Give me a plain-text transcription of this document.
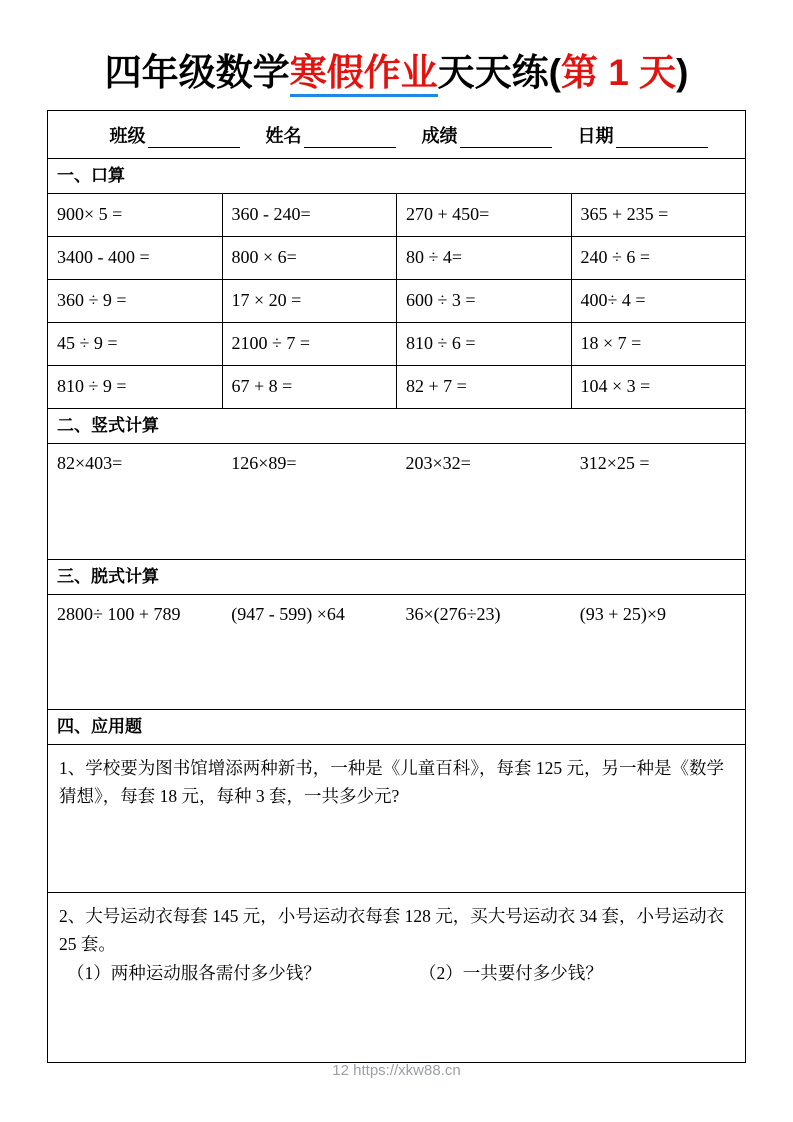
四年级数学寒假作业天天练(第 1 天)
班级	姓名	成绩	日期
一、口算
900× 5 =	360 - 240=	270 + 450=	365 + 235 =
3400 - 400 =	800 × 6=	80 ÷ 4=	240 ÷ 6 =
360 ÷ 9 =	17 × 20 =	600 ÷ 3 =	400÷ 4 =
45 ÷ 9 =	2100 ÷ 7 =	810 ÷ 6 =	18 × 7 =
810 ÷ 9 =	67 + 8 =	82 + 7 =	104 × 3 =
二、竖式计算
82×403=	126×89=	203×32=	312×25 =
三、脱式计算
2800÷ 100 + 789	(947 - 599) ×64	36×(276÷23)	(93 + 25)×9
四、应用题

1、学校要为图书馆增添两种新书，一种是《儿童百科》，每套 125 元，另一种是《数学猜想》，每套 18 元，每种 3 套，一共多少元?

2、大号运动衣每套 145 元，小号运动衣每套 128 元，买大号运动衣 34 套，小号运动衣 25 套。

（1）两种运动服各需付多少钱？	（2）一共要付多少钱？

12 https://xkw88.cn
